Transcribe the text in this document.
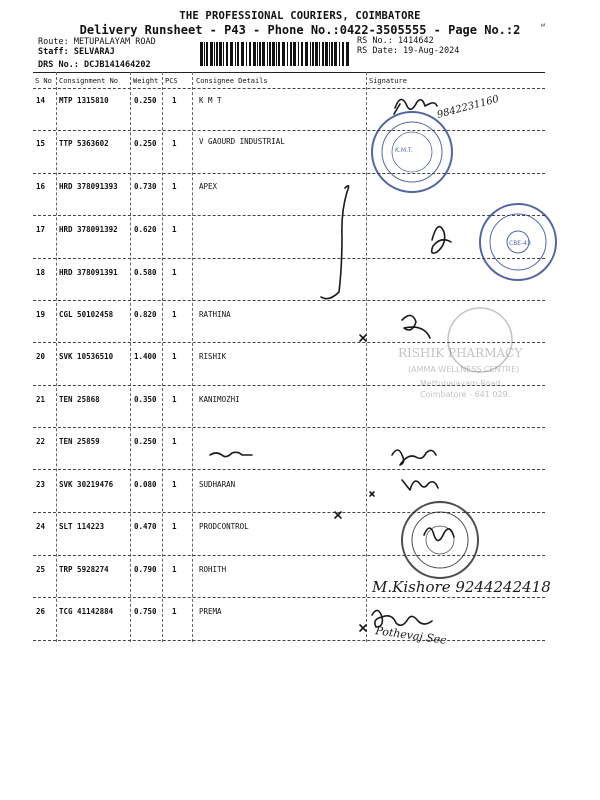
THE PROFESSIONAL COURIERS, COIMBATORE
Delivery Runsheet - P43 - Phone No.:0422-3505555 - Page No.:2	“
Route: METUPALAYAM ROAD
Staff: SELVARAJ
DRS No.: DCJB141464202
RS No.: 1414642
RS Date: 19-Aug-2024
S No Consignment No Weight PCS	Consignee Details	Signature
14 MTP 1315810	0.250 1	K M T
15 TTP 5363602	0.250 1	V GAOURD INDUSTRIAL
16 HRD 378091393 0.730 1	APEX
17 HRD 378091392 0.620 1
18 HRD 378091391 0.580 1
19 CGL 50102458	0.820 1	RATHINA
20 SVK 10536510	1.400 1	RISHIK
21 TEN 25868	0.350 1	KANIMOZHI
22 TEN 25859	0.250 1
23 SVK 30219476	0.080 1	SUDHARAN
24 SLT 114223	0.470 1	PRODCONTROL
25 TRP 5928274	0.790 1	ROHITH
26 TCG 41142884	0.750 1	PREMA
K.M.T.
CBE-43
RISHIK PHARMACY
(AMMA WELLNESS CENTRE)
Mettupalayam Road,
Coimbatore - 641 029.
9842231160
M.Kishore 9244242418
Pothevaj Sec
